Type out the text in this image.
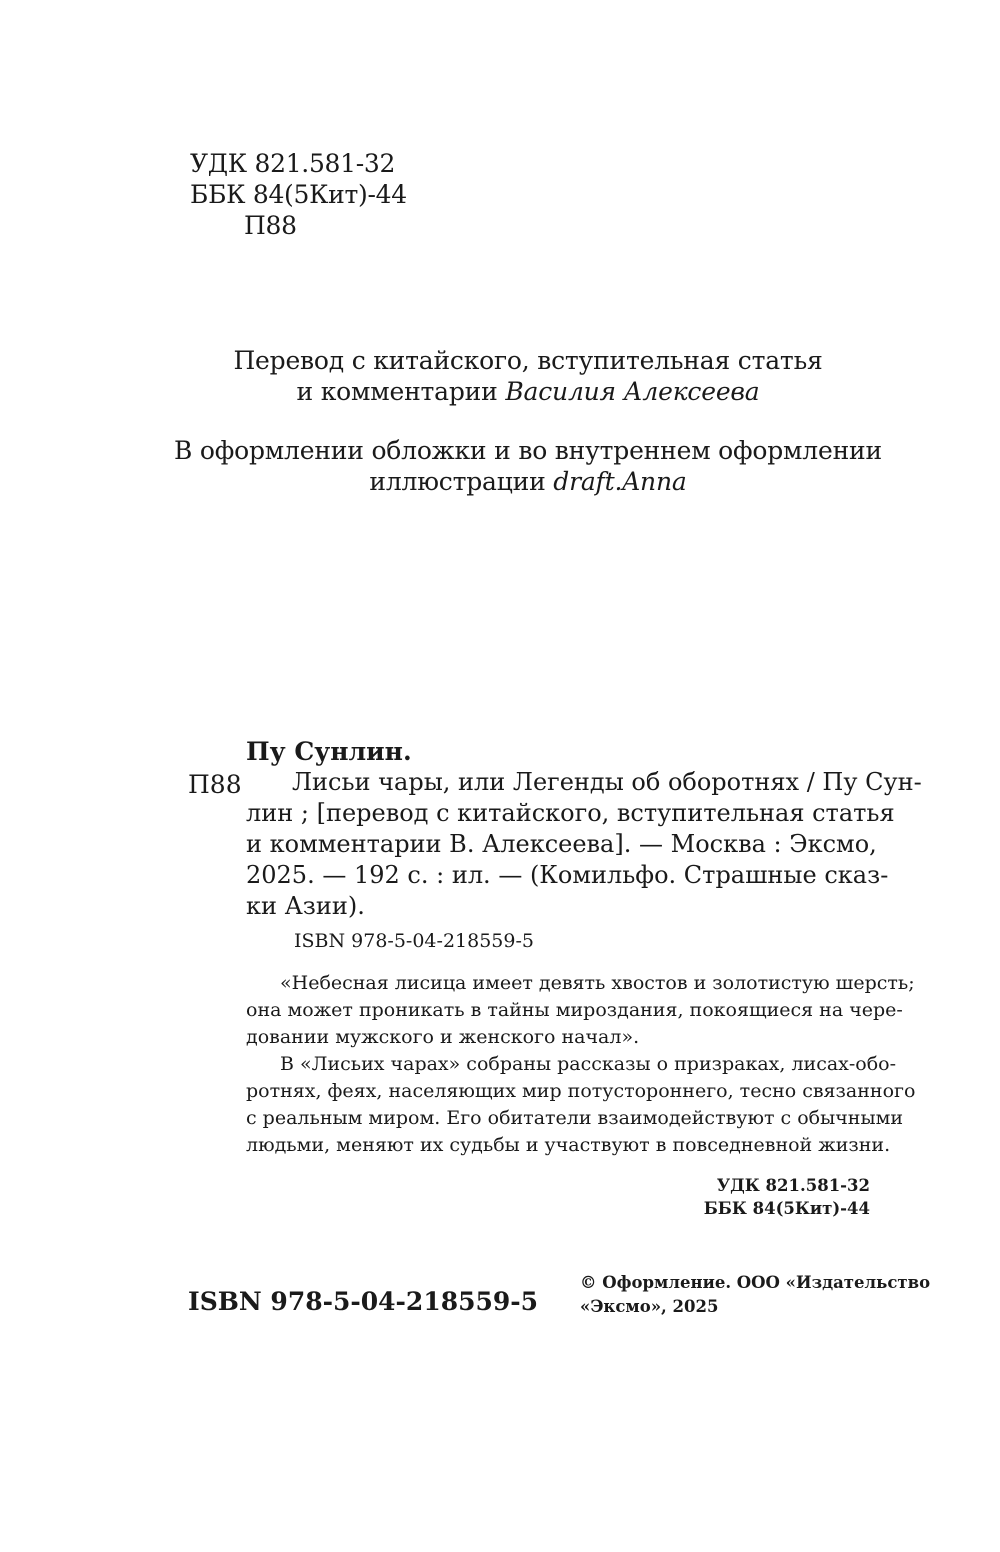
УДК 821.581-32
ББК 84(5Кит)-44
П88
Перевод с китайского, вступительная статья
и комментарии Василия Алексеева
В оформлении обложки и во внутреннем оформлении
иллюстрации draft.Anna
Пу Сунлин.
П88	Лисьи чары, или Легенды об оборотнях / Пу Сун-
лин ; [перевод с китайского, вступительная статья
и комментарии В. Алексеева]. — Москва : Эксмо,
2025. — 192 с. : ил. — (Комильфо. Страшные сказ-
ки Азии).
ISBN 978-5-04-218559-5
«Небесная лисица имеет девять хвостов и золотистую шерсть;
она может проникать в тайны мироздания, покоящиеся на чере-
довании мужского и женского начал».
В «Лисьих чарах» собраны рассказы о призраках, лисах-обо-
ротнях, феях, населяющих мир потустороннего, тесно связанного
с реальным миром. Его обитатели взаимодействуют с обычными
людьми, меняют их судьбы и участвуют в повседневной жизни.
УДК 821.581-32
ББК 84(5Кит)-44
ISBN 978-5-04-218559-5
© Оформление. ООО «Издательство
«Эксмо», 2025
